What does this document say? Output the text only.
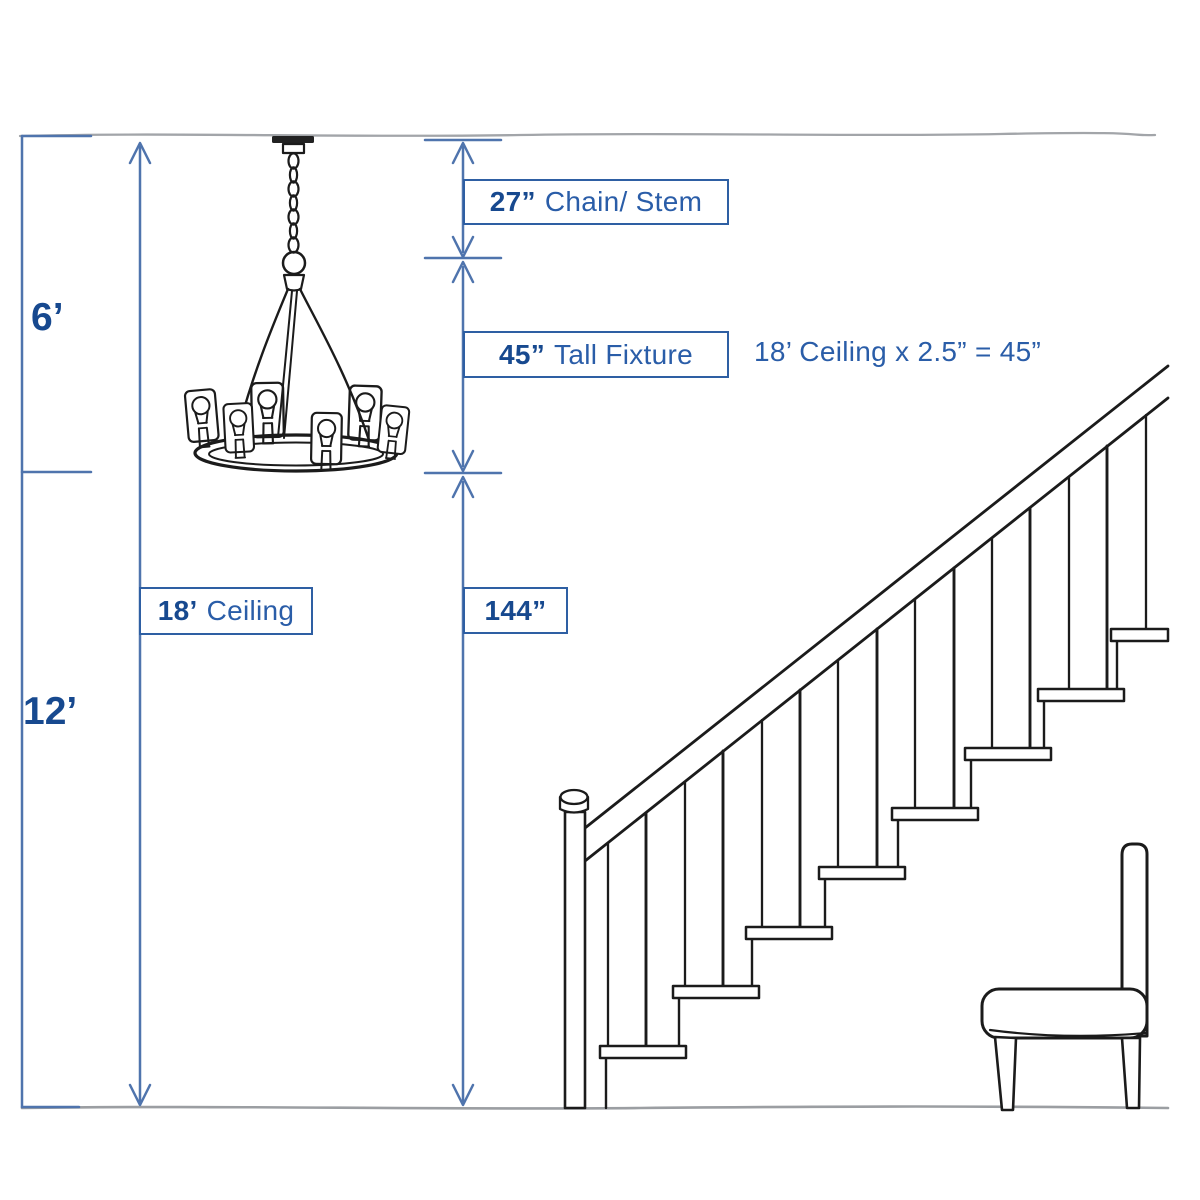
6’
12’
27” Chain/ Stem
45” Tall Fixture
144”
18’ Ceiling
18’ Ceiling x 2.5” = 45”
